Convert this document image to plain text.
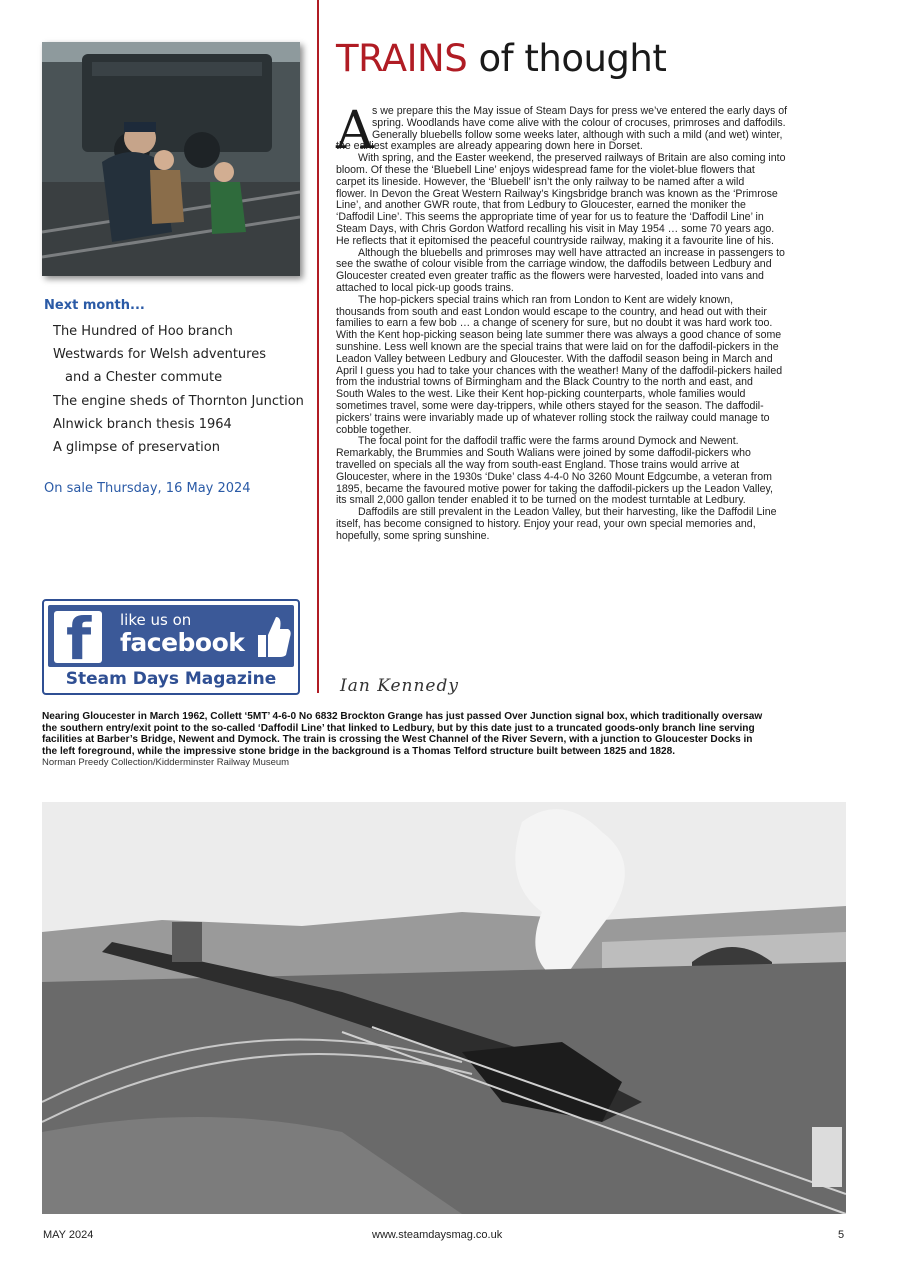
Next month...
The Hundred of Hoo branch
Westwards for Welsh adventures
and a Chester commute
The engine sheds of Thornton Junction
Alnwick branch thesis 1964
A glimpse of preservation
On sale Thursday, 16 May 2024
f like us on
facebook
Steam Days Magazine
TRAINS of thought
A
s we prepare this the May issue of Steam Days for press we’ve entered the early days of
spring. Woodlands have come alive with the colour of crocuses, primroses and daffodils.
Generally bluebells follow some weeks later, although with such a mild (and wet) winter,
the earliest examples are already appearing down here in Dorset.
With spring, and the Easter weekend, the preserved railways of Britain are also coming into
bloom. Of these the ‘Bluebell Line’ enjoys widespread fame for the violet-blue flowers that
carpet its lineside. However, the ‘Bluebell’ isn’t the only railway to be named after a wild
flower. In Devon the Great Western Railway’s Kingsbridge branch was known as the ‘Primrose
Line’, and another GWR route, that from Ledbury to Gloucester, earned the moniker the
‘Daffodil Line’. This seems the appropriate time of year for us to feature the ‘Daffodil Line’ in
Steam Days, with Chris Gordon Watford recalling his visit in May 1954 … some 70 years ago.
He reflects that it epitomised the peaceful countryside railway, making it a favourite line of his.
Although the bluebells and primroses may well have attracted an increase in passengers to
see the swathe of colour visible from the carriage window, the daffodils between Ledbury and
Gloucester created even greater traffic as the flowers were harvested, loaded into vans and
attached to local pick-up goods trains.
The hop-pickers special trains which ran from London to Kent are widely known,
thousands from south and east London would escape to the country, and head out with their
families to earn a few bob … a change of scenery for sure, but no doubt it was hard work too.
With the Kent hop-picking season being late summer there was always a good chance of some
sunshine. Less well known are the special trains that were laid on for the daffodil-pickers in the
Leadon Valley between Ledbury and Gloucester. With the daffodil season being in March and
April I guess you had to take your chances with the weather! Many of the daffodil-pickers hailed
from the industrial towns of Birmingham and the Black Country to the north and east, and
South Wales to the west. Like their Kent hop-picking counterparts, whole families would
sometimes travel, some were day-trippers, while others stayed for the season. The daffodil-
pickers’ trains were invariably made up of whatever rolling stock the railway could manage to
cobble together.
The focal point for the daffodil traffic were the farms around Dymock and Newent.
Remarkably, the Brummies and South Walians were joined by some daffodil-pickers who
travelled on specials all the way from south-east England. Those trains would arrive at
Gloucester, where in the 1930s ‘Duke’ class 4-4-0 No 3260 Mount Edgcumbe, a veteran from
1895, became the favoured motive power for taking the daffodil-pickers up the Leadon Valley,
its small 2,000 gallon tender enabled it to be turned on the modest turntable at Ledbury.
Daffodils are still prevalent in the Leadon Valley, but their harvesting, like the Daffodil Line
itself, has become consigned to history. Enjoy your read, your own special memories and,
hopefully, some spring sunshine.
Ian Kennedy
Nearing Gloucester in March 1962, Collett ‘5MT’ 4-6-0 No 6832 Brockton Grange has just passed Over Junction signal box, which traditionally oversaw
the southern entry/exit point to the so-called ‘Daffodil Line’ that linked to Ledbury, but by this date just to a truncated goods-only branch line serving
facilities at Barber’s Bridge, Newent and Dymock. The train is crossing the West Channel of the River Severn, with a junction to Gloucester Docks in
the left foreground, while the impressive stone bridge in the background is a Thomas Telford structure built between 1825 and 1828.
Norman Preedy Collection/Kidderminster Railway Museum
MAY 2024	www.steamdaysmag.co.uk	5
